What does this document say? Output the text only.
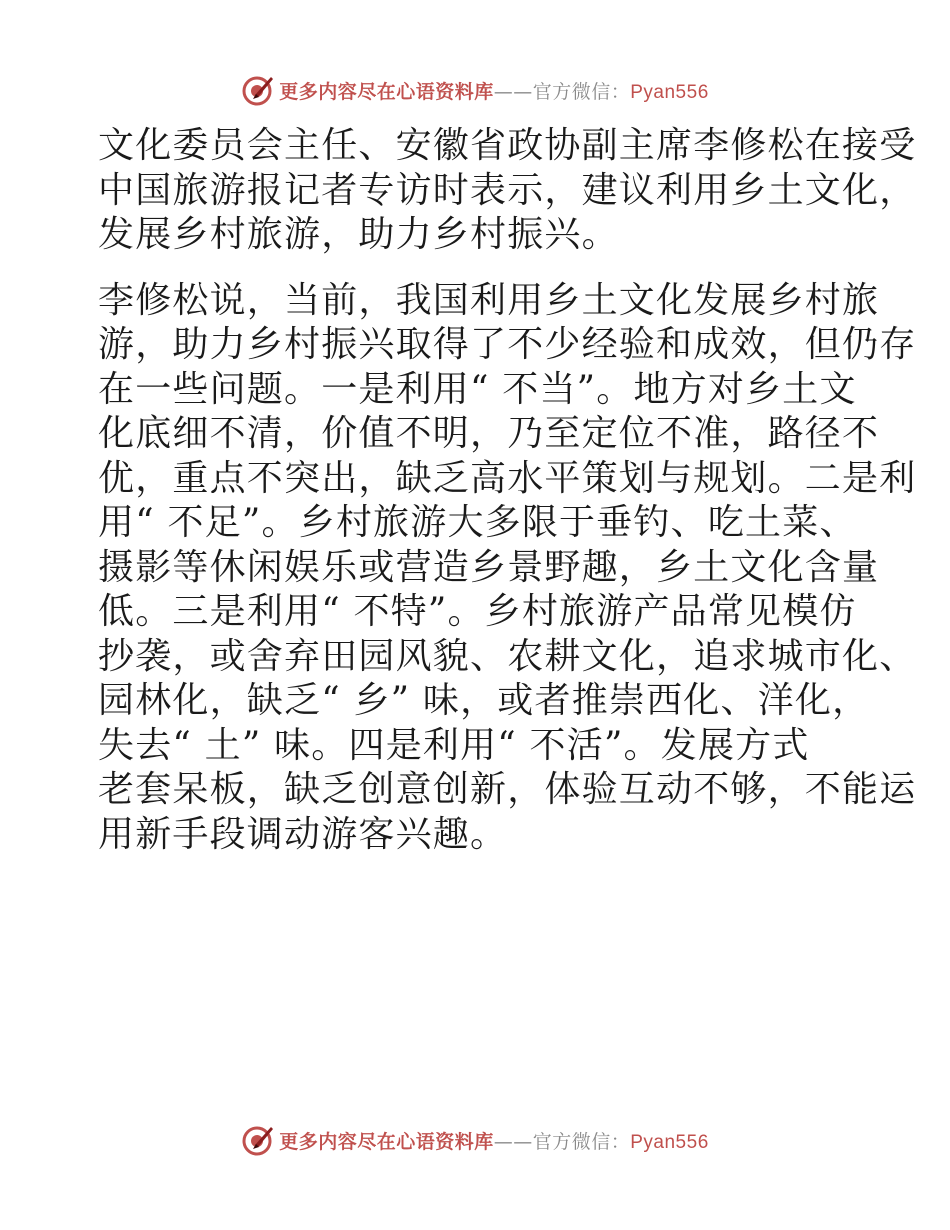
更多内容尽在心语资料库——官方微信：Pyan556
文化委员会主任、安徽省政协副主席李修松在接受
中国旅游报记者专访时表示，建议利用乡土文化，
发展乡村旅游，助力乡村振兴。
李修松说，当前，我国利用乡土文化发展乡村旅
游，助力乡村振兴取得了不少经验和成效，但仍存
在一些问题。一是利用“ 不当”。地方对乡土文
化底细不清，价值不明，乃至定位不准，路径不
优，重点不突出，缺乏高水平策划与规划。二是利
用“ 不足”。乡村旅游大多限于垂钓、吃土菜、
摄影等休闲娱乐或营造乡景野趣，乡土文化含量
低。三是利用“ 不特”。乡村旅游产品常见模仿
抄袭，或舍弃田园风貌、农耕文化，追求城市化、
园林化，缺乏“ 乡” 味，或者推崇西化、洋化，
失去“ 土” 味。四是利用“ 不活”。发展方式
老套呆板，缺乏创意创新，体验互动不够，不能运
用新手段调动游客兴趣。
更多内容尽在心语资料库——官方微信：Pyan556
